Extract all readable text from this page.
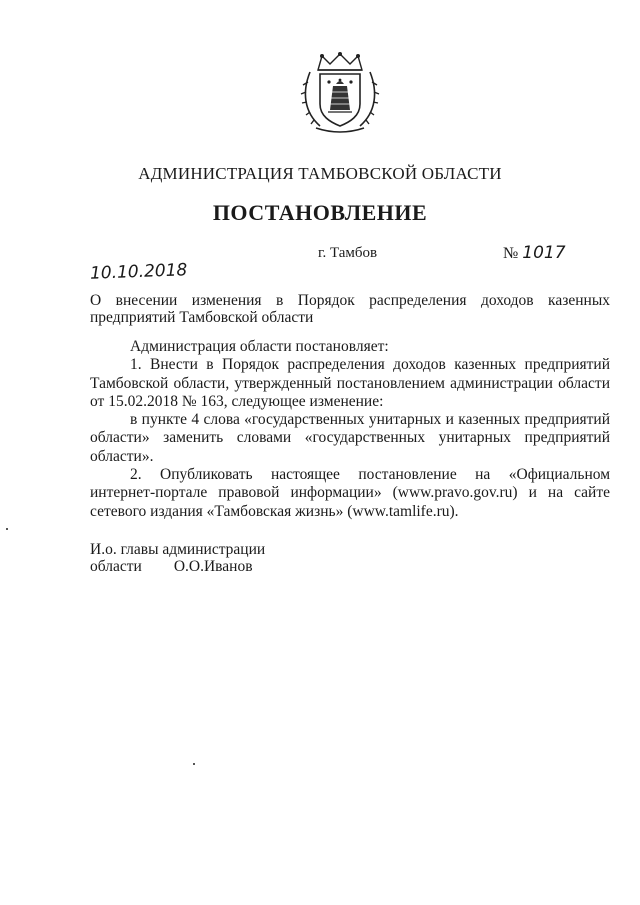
АДМИНИСТРАЦИЯ ТАМБОВСКОЙ ОБЛАСТИ
ПОСТАНОВЛЕНИЕ
г. Тамбов	№ 1017
10.10.2018
О внесении изменения в Порядок распределения доходов казенных
предприятий Тамбовской области

Администрация области постановляет:

1. Внести в Порядок распределения доходов казенных предприятий

Тамбовской области, утвержденный постановлением администрации области

от 15.02.2018 № 163, следующее изменение:

в пункте 4 слова «государственных унитарных и казенных предприятий

области» заменить словами «государственных унитарных предприятий

области».

2. Опубликовать настоящее постановление на «Официальном

интернет-портале правовой информации» (www.pravo.gov.ru) и на сайте

сетевого издания «Тамбовская жизнь» (www.tamlife.ru).

И.о. главы администрации
области О.О.Иванов
